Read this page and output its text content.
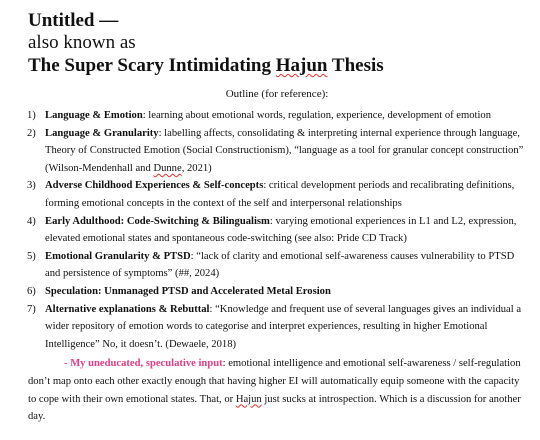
Untitled —

also known as

The Super Scary Intimidating Hajun Thesis

Outline (for reference):

1) Language & Emotion: learning about emotional words, regulation, experience, development of emotion
2) Language & Granularity: labelling affects, consolidating & interpreting internal experience through language, Theory of Constructed Emotion (Social Constructionism), “language as a tool for granular concept construction” (Wilson-Mendenhall and Dunne, 2021)
3) Adverse Childhood Experiences & Self-concepts: critical development periods and recalibrating definitions, forming emotional concepts in the context of the self and interpersonal relationships
4) Early Adulthood: Code-Switching & Bilingualism: varying emotional experiences in L1 and L2, expression, elevated emotional states and spontaneous code-switching (see also: Pride CD Track)
5) Emotional Granularity & PTSD: “lack of clarity and emotional self-awareness causes vulnerability to PTSD and persistence of symptoms” (##, 2024)
6) Speculation: Unmanaged PTSD and Accelerated Metal Erosion
7) Alternative explanations & Rebuttal: “Knowledge and frequent use of several languages gives an individual a wider repository of emotion words to categorise and interpret experiences, resulting in higher Emotional Intelligence” No, it doesn’t. (Dewaele, 2018)

- My uneducated, speculative input: emotional intelligence and emotional self-awareness / self-regulation don’t map onto each other exactly enough that having higher EI will automatically equip someone with the capacity to cope with their own emotional states. That, or Hajun just sucks at introspection. Which is a discussion for another day.
